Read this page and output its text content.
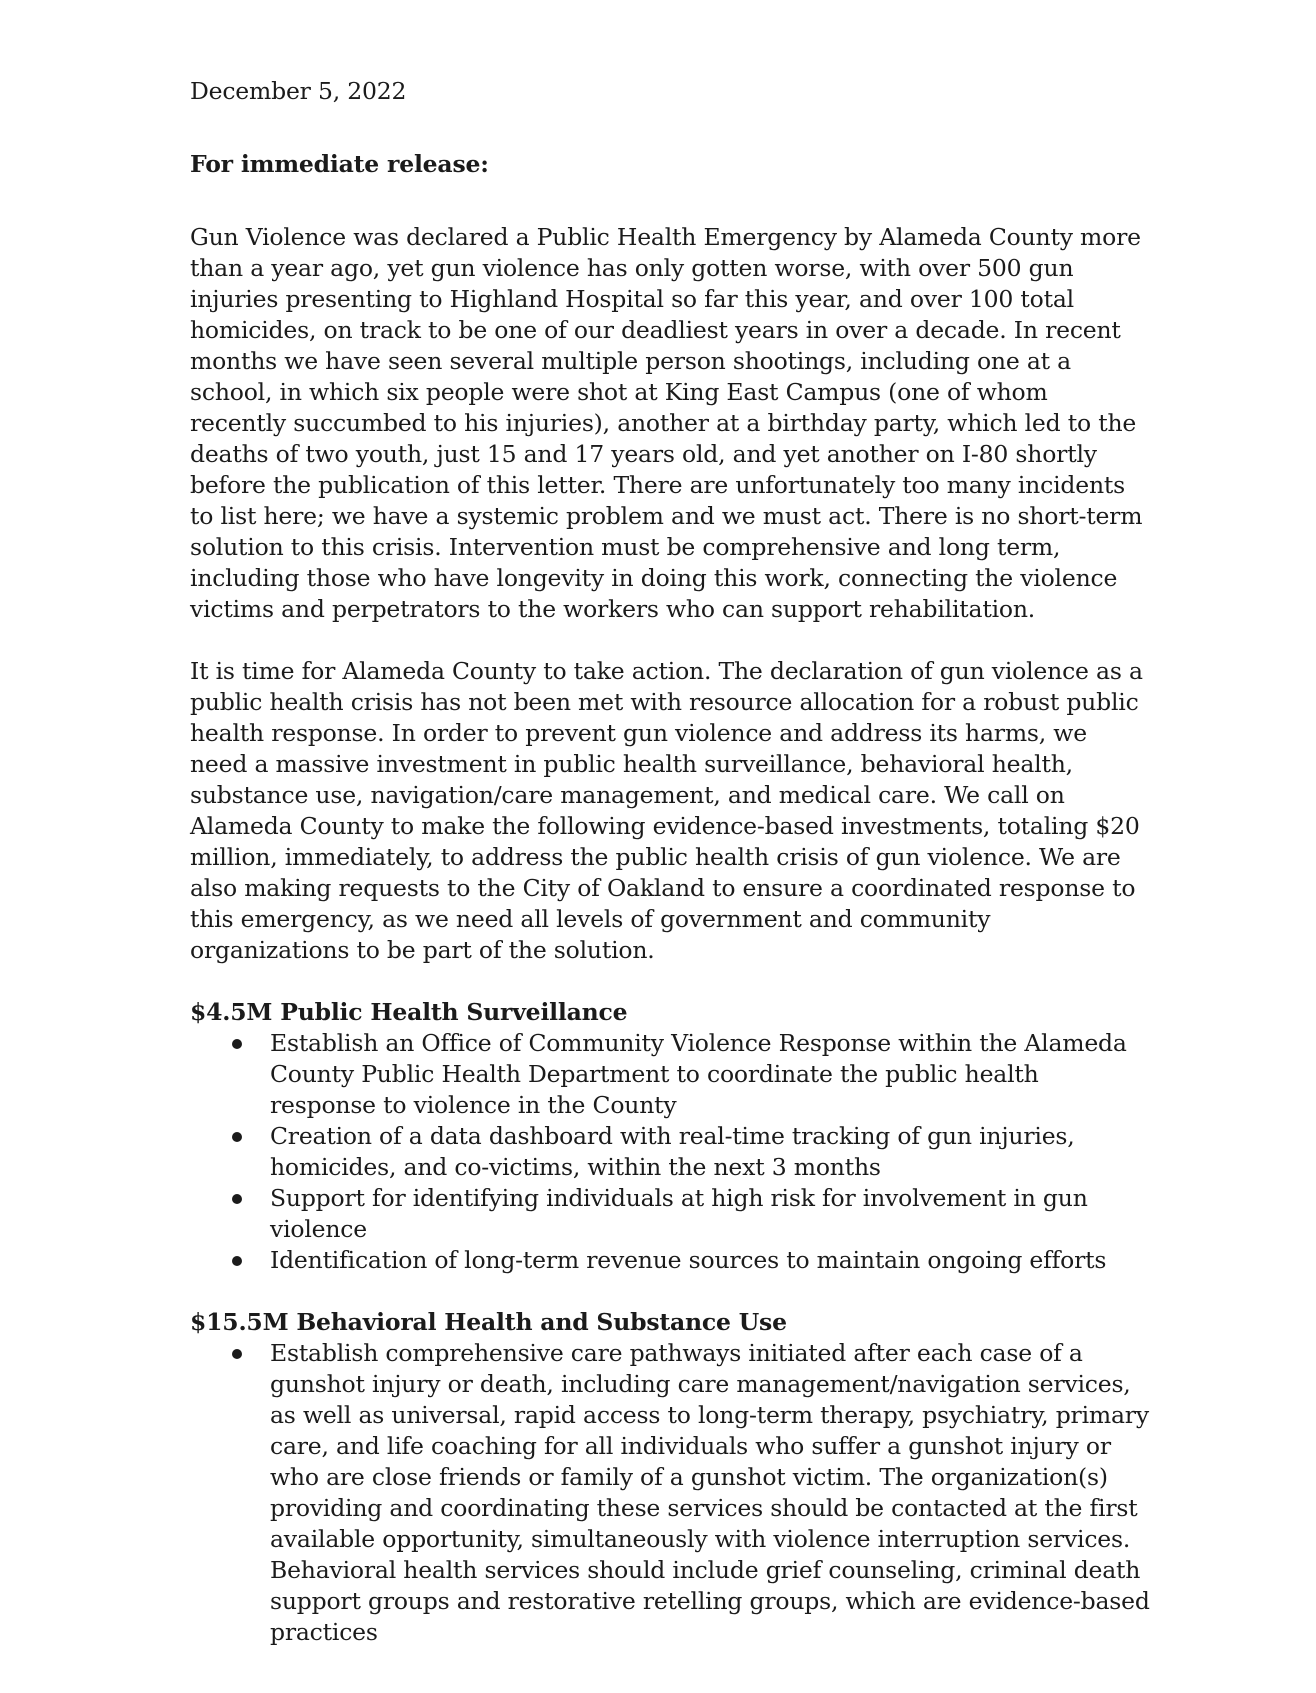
December 5, 2022
For immediate release:

Gun Violence was declared a Public Health Emergency by Alameda County more than a year ago, yet gun violence has only gotten worse, with over 500 gun injuries presenting to Highland Hospital so far this year, and over 100 total homicides, on track to be one of our deadliest years in over a decade. In recent months we have seen several multiple person shootings, including one at a school, in which six people were shot at King East Campus (one of whom recently succumbed to his injuries), another at a birthday party, which led to the deaths of two youth, just 15 and 17 years old, and yet another on I-80 shortly before the publication of this letter. There are unfortunately too many incidents to list here; we have a systemic problem and we must act. There is no short-term solution to this crisis. Intervention must be comprehensive and long term, including those who have longevity in doing this work, connecting the violence victims and perpetrators to the workers who can support rehabilitation.

It is time for Alameda County to take action. The declaration of gun violence as a public health crisis has not been met with resource allocation for a robust public health response. In order to prevent gun violence and address its harms, we need a massive investment in public health surveillance, behavioral health, substance use, navigation/care management, and medical care. We call on Alameda County to make the following evidence-based investments, totaling $20 million, immediately, to address the public health crisis of gun violence. We are also making requests to the City of Oakland to ensure a coordinated response to this emergency, as we need all levels of government and community organizations to be part of the solution.

$4.5M Public Health Surveillance
Establish an Office of Community Violence Response within the Alameda County Public Health Department to coordinate the public health response to violence in the County
Creation of a data dashboard with real-time tracking of gun injuries, homicides, and co-victims, within the next 3 months
Support for identifying individuals at high risk for involvement in gun violence
Identification of long-term revenue sources to maintain ongoing efforts
$15.5M Behavioral Health and Substance Use
Establish comprehensive care pathways initiated after each case of a gunshot injury or death, including care management/navigation services, as well as universal, rapid access to long-term therapy, psychiatry, primary care, and life coaching for all individuals who suffer a gunshot injury or who are close friends or family of a gunshot victim. The organization(s) providing and coordinating these services should be contacted at the first available opportunity, simultaneously with violence interruption services. Behavioral health services should include grief counseling, criminal death support groups and restorative retelling groups, which are evidence-based practices
